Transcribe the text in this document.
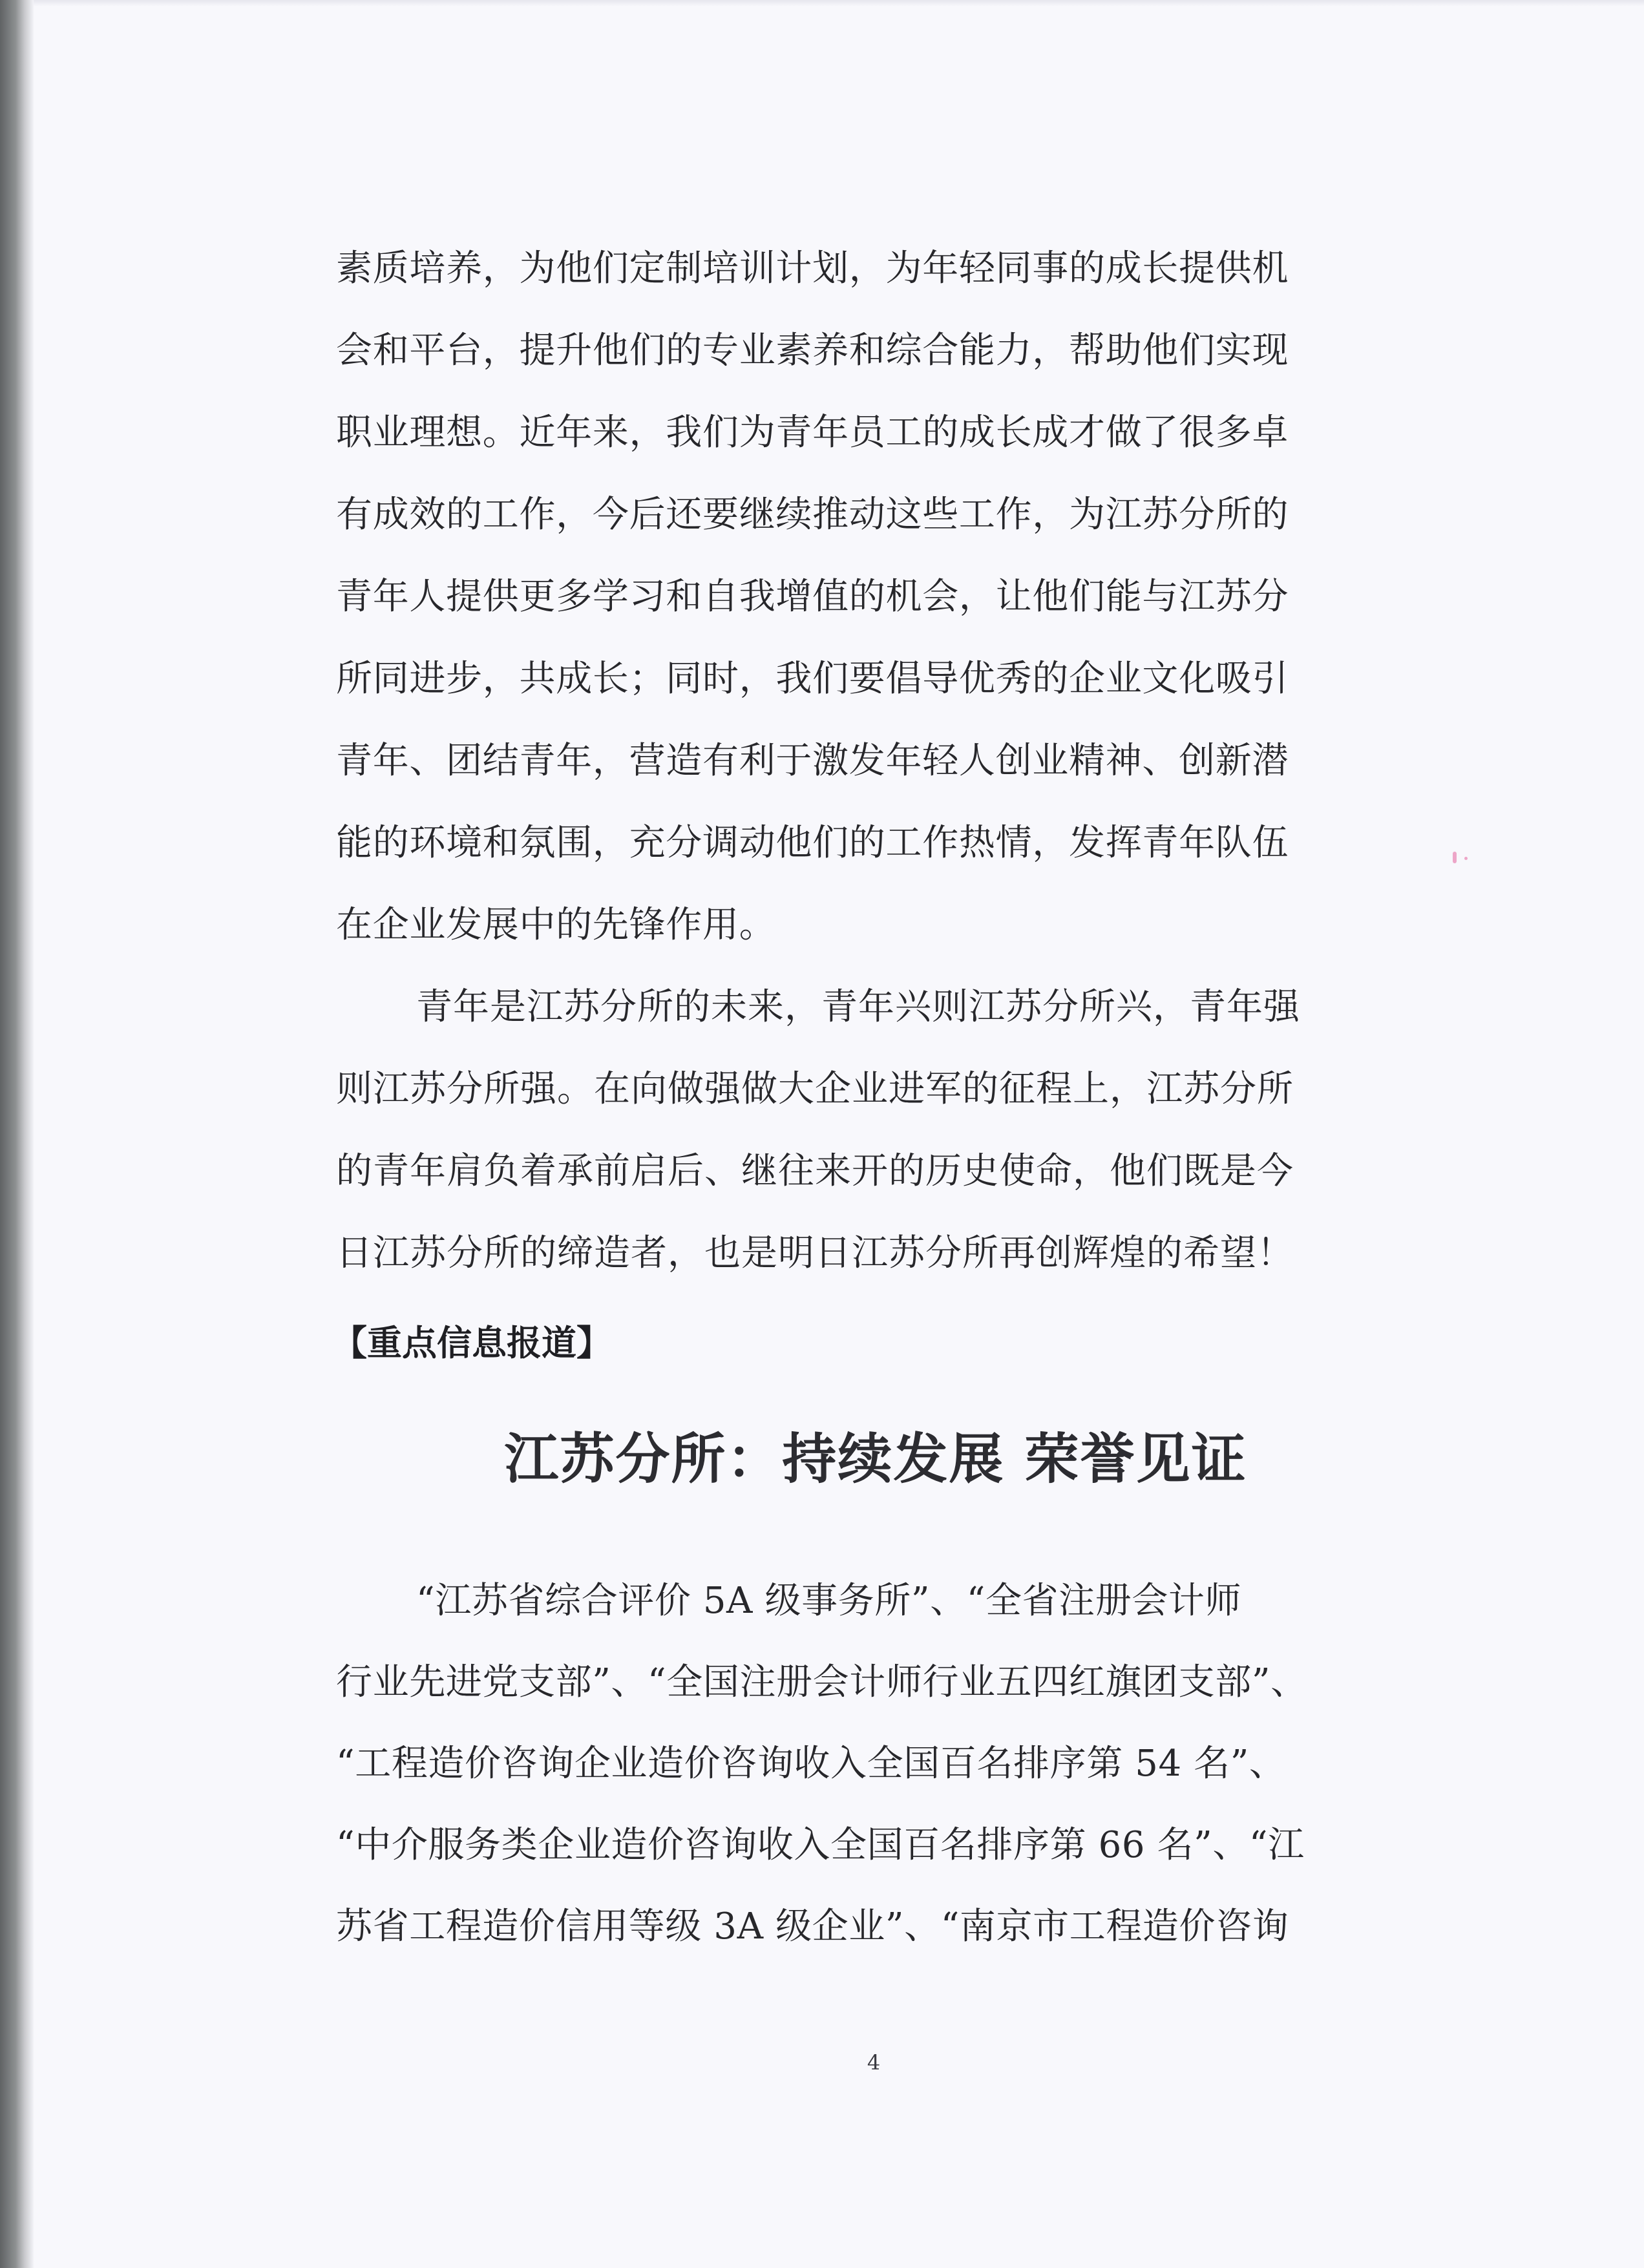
素质培养，为他们定制培训计划，为年轻同事的成长提供机
会和平台，提升他们的专业素养和综合能力，帮助他们实现
职业理想。近年来，我们为青年员工的成长成才做了很多卓
有成效的工作，今后还要继续推动这些工作，为江苏分所的
青年人提供更多学习和自我增值的机会，让他们能与江苏分
所同进步，共成长；同时，我们要倡导优秀的企业文化吸引
青年、团结青年，营造有利于激发年轻人创业精神、创新潜
能的环境和氛围，充分调动他们的工作热情，发挥青年队伍
在企业发展中的先锋作用。
青年是江苏分所的未来，青年兴则江苏分所兴，青年强
则江苏分所强。在向做强做大企业进军的征程上，江苏分所
的青年肩负着承前启后、继往来开的历史使命，他们既是今
日江苏分所的缔造者，也是明日江苏分所再创辉煌的希望！
【重点信息报道】
江苏分所：持续发展 荣誉见证
“江苏省综合评价 5A 级事务所”、“全省注册会计师
行业先进党支部”、“全国注册会计师行业五四红旗团支部”、
“工程造价咨询企业造价咨询收入全国百名排序第 54 名”、
“中介服务类企业造价咨询收入全国百名排序第 66 名”、“江
苏省工程造价信用等级 3A 级企业”、“南京市工程造价咨询
4
